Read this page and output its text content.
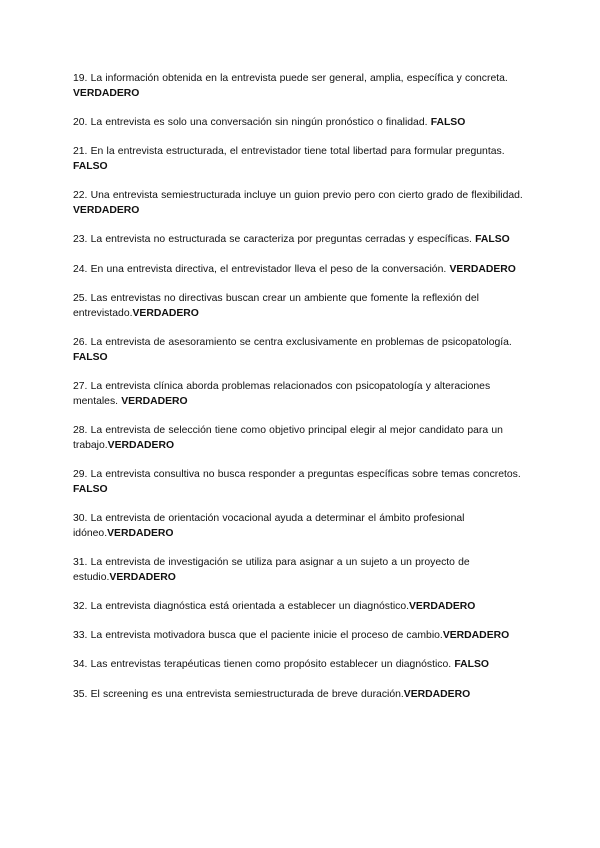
19. La información obtenida en la entrevista puede ser general, amplia, específica y concreta. VERDADERO
20. La entrevista es solo una conversación sin ningún pronóstico o finalidad. FALSO
21. En la entrevista estructurada, el entrevistador tiene total libertad para formular preguntas. FALSO
22. Una entrevista semiestructurada incluye un guion previo pero con cierto grado de flexibilidad. VERDADERO
23. La entrevista no estructurada se caracteriza por preguntas cerradas y específicas. FALSO
24. En una entrevista directiva, el entrevistador lleva el peso de la conversación. VERDADERO
25. Las entrevistas no directivas buscan crear un ambiente que fomente la reflexión del entrevistado.VERDADERO
26. La entrevista de asesoramiento se centra exclusivamente en problemas de psicopatología. FALSO
27. La entrevista clínica aborda problemas relacionados con psicopatología y alteraciones mentales. VERDADERO
28. La entrevista de selección tiene como objetivo principal elegir al mejor candidato para un trabajo.VERDADERO
29. La entrevista consultiva no busca responder a preguntas específicas sobre temas concretos. FALSO
30. La entrevista de orientación vocacional ayuda a determinar el ámbito profesional idóneo.VERDADERO
31. La entrevista de investigación se utiliza para asignar a un sujeto a un proyecto de estudio.VERDADERO
32. La entrevista diagnóstica está orientada a establecer un diagnóstico.VERDADERO
33. La entrevista motivadora busca que el paciente inicie el proceso de cambio.VERDADERO
34. Las entrevistas terapéuticas tienen como propósito establecer un diagnóstico. FALSO
35. El screening es una entrevista semiestructurada de breve duración.VERDADERO
